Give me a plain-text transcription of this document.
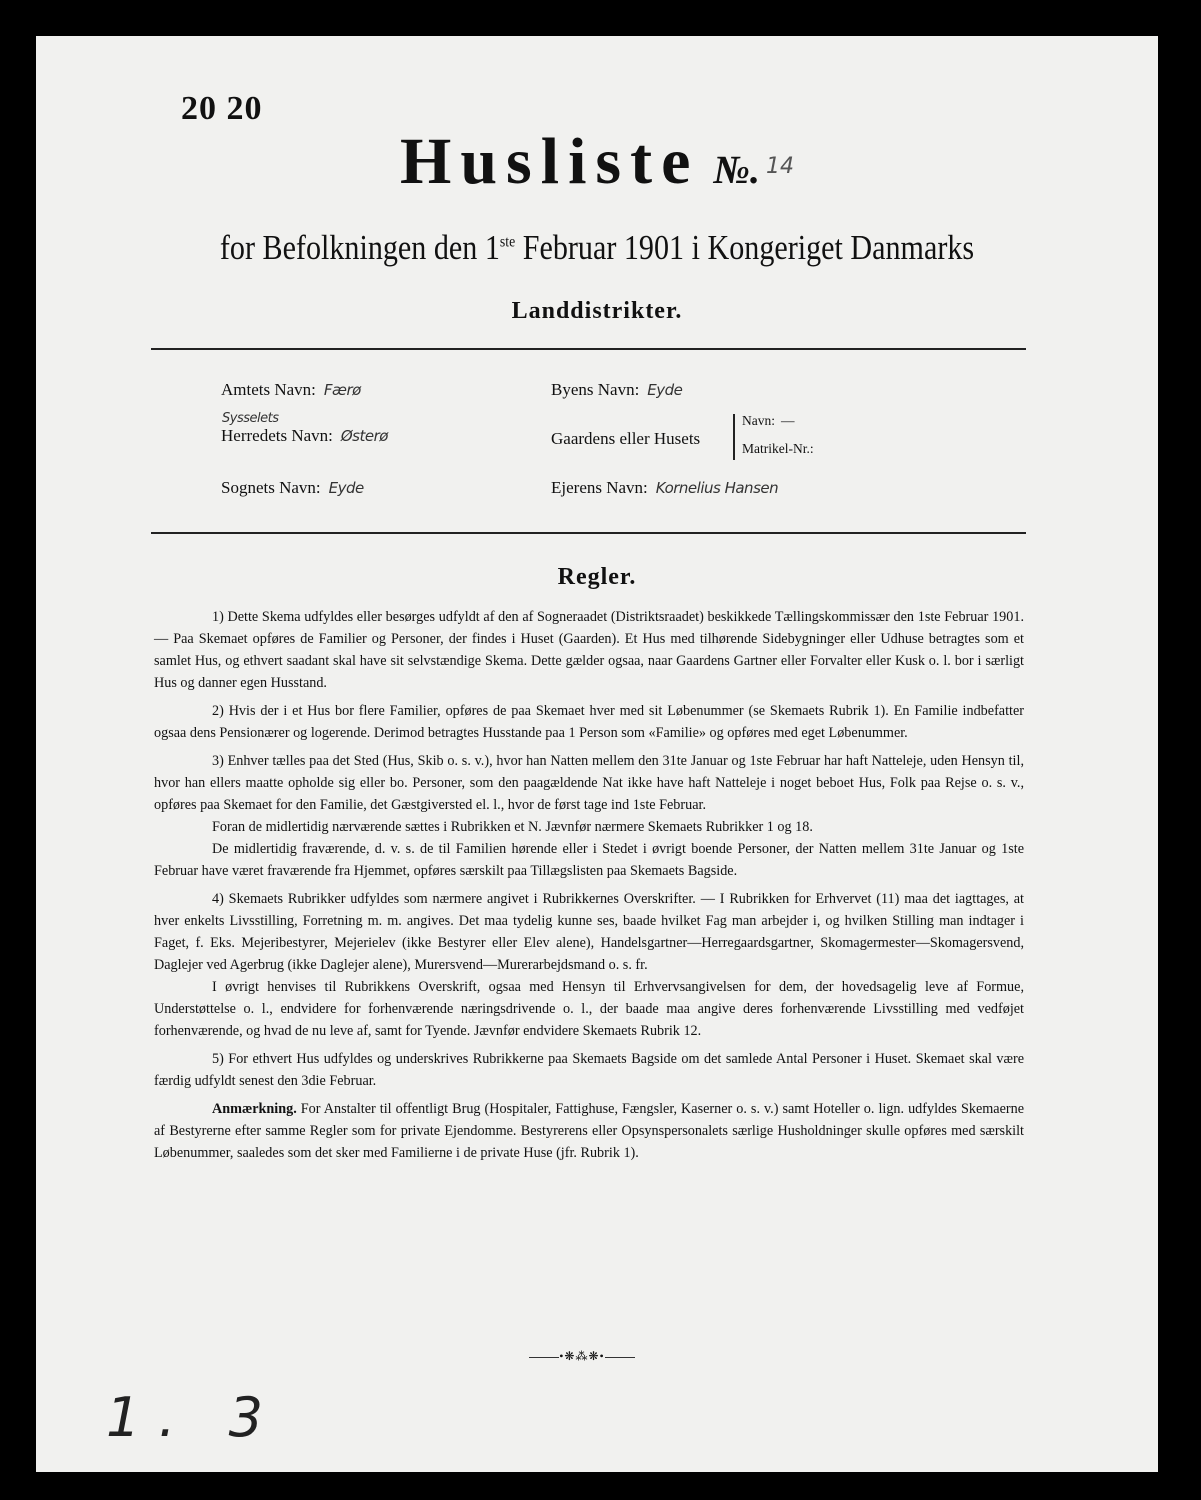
20 20
Husliste №. 14
for Befolkningen den 1ste Februar 1901 i Kongeriget Danmarks
Landdistrikter.
Amtets Navn: Færø
Sysselets
Herredets Navn: Østerø
Sognets Navn: Eyde
Byens Navn: Eyde
Gaardens eller Husets
Navn: —
Matrikel-Nr.:
Ejerens Navn: Kornelius Hansen
Regler.

1) Dette Skema udfyldes eller besørges udfyldt af den af Sogneraadet (Distriktsraadet) beskikkede Tællingskommissær den 1ste Februar 1901. — Paa Skemaet opføres de Familier og Personer, der findes i Huset (Gaarden). Et Hus med tilhørende Sidebygninger eller Udhuse betragtes som et samlet Hus, og ethvert saadant skal have sit selvstændige Skema. Dette gælder ogsaa, naar Gaardens Gartner eller Forvalter eller Kusk o. l. bor i særligt Hus og danner egen Husstand.

2) Hvis der i et Hus bor flere Familier, opføres de paa Skemaet hver med sit Løbenummer (se Skemaets Rubrik 1). En Familie indbefatter ogsaa dens Pensionærer og logerende. Derimod betragtes Husstande paa 1 Person som «Familie» og opføres med eget Løbenummer.

3) Enhver tælles paa det Sted (Hus, Skib o. s. v.), hvor han Natten mellem den 31te Januar og 1ste Februar har haft Natteleje, uden Hensyn til, hvor han ellers maatte opholde sig eller bo. Personer, som den paagældende Nat ikke have haft Natteleje i noget beboet Hus, Folk paa Rejse o. s. v., opføres paa Skemaet for den Familie, det Gæstgiversted el. l., hvor de først tage ind 1ste Februar.

Foran de midlertidig nærværende sættes i Rubrikken et N. Jævnfør nærmere Skemaets Rubrikker 1 og 18.

De midlertidig fraværende, d. v. s. de til Familien hørende eller i Stedet i øvrigt boende Personer, der Natten mellem 31te Januar og 1ste Februar have været fraværende fra Hjemmet, opføres særskilt paa Tillægslisten paa Skemaets Bagside.

4) Skemaets Rubrikker udfyldes som nærmere angivet i Rubrikkernes Overskrifter. — I Rubrikken for Erhvervet (11) maa det iagttages, at hver enkelts Livsstilling, Forretning m. m. angives. Det maa tydelig kunne ses, baade hvilket Fag man arbejder i, og hvilken Stilling man indtager i Faget, f. Eks. Mejeribestyrer, Mejerielev (ikke Bestyrer eller Elev alene), Handelsgartner—Herregaardsgartner, Skomagermester—Skomagersvend, Daglejer ved Agerbrug (ikke Daglejer alene), Murersvend—Murerarbejdsmand o. s. fr.

I øvrigt henvises til Rubrikkens Overskrift, ogsaa med Hensyn til Erhvervsangivelsen for dem, der hovedsagelig leve af Formue, Understøttelse o. l., endvidere for forhenværende næringsdrivende o. l., der baade maa angive deres forhenværende Livsstilling med vedføjet forhenværende, og hvad de nu leve af, samt for Tyende. Jævnfør endvidere Skemaets Rubrik 12.

5) For ethvert Hus udfyldes og underskrives Rubrikkerne paa Skemaets Bagside om det samlede Antal Personer i Huset. Skemaet skal være færdig udfyldt senest den 3die Februar.

Anmærkning. For Anstalter til offentligt Brug (Hospitaler, Fattighuse, Fængsler, Kaserner o. s. v.) samt Hoteller o. lign. udfyldes Skemaerne af Bestyrerne efter samme Regler som for private Ejendomme. Bestyrerens eller Opsynspersonalets særlige Husholdninger skulle opføres med særskilt Løbenummer, saaledes som det sker med Familierne i de private Huse (jfr. Rubrik 1).

•❋⁂❋•
1. 3
